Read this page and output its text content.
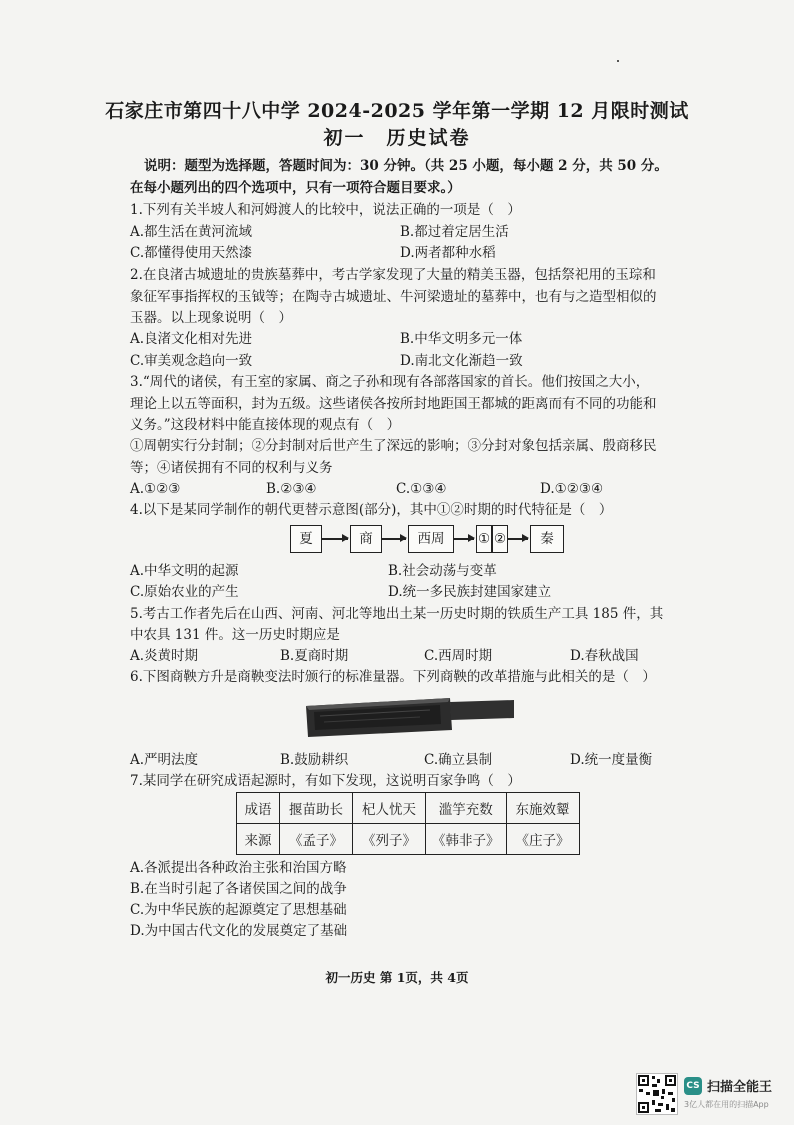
石家庄市第四十八中学 2024-2025 学年第一学期 12 月限时测试
初一　历史试卷
说明：题型为选择题，答题时间为：30 分钟。（共 25 小题，每小题 2 分，共 50 分。
在每小题列出的四个选项中，只有一项符合题目要求。）
1.下列有关半坡人和河姆渡人的比较中，说法正确的一项是（　）
A.都生活在黄河流域	B.都过着定居生活
C.都懂得使用天然漆	D.两者都种水稻
2.在良渚古城遗址的贵族墓葬中，考古学家发现了大量的精美玉器，包括祭祀用的玉琮和
象征军事指挥权的玉钺等；在陶寺古城遗址、牛河梁遗址的墓葬中，也有与之造型相似的
玉器。以上现象说明（　）
A.良渚文化相对先进	B.中华文明多元一体
C.审美观念趋向一致	D.南北文化渐趋一致
3.“周代的诸侯，有王室的家属、商之子孙和现有各部落国家的首长。他们按国之大小，
理论上以五等面积，封为五级。这些诸侯各按所封地距国王都城的距离而有不同的功能和
义务。”这段材料中能直接体现的观点有（　）
①周朝实行分封制；②分封制对后世产生了深远的影响；③分封对象包括亲属、殷商移民
等；④诸侯拥有不同的权利与义务
A.①②③	B.②③④	C.①③④	D.①②③④
4.以下是某同学制作的朝代更替示意图(部分)，其中①②时期的时代特征是（　）
夏	商	西周	① ②	秦
A.中华文明的起源	B.社会动荡与变革
C.原始农业的产生	D.统一多民族封建国家建立
5.考古工作者先后在山西、河南、河北等地出土某一历史时期的铁质生产工具 185 件，其
中农具 131 件。这一历史时期应是
A.炎黄时期	B.夏商时期	C.西周时期	D.春秋战国
6.下图商鞅方升是商鞅变法时颁行的标准量器。下列商鞅的改革措施与此相关的是（　）
A.严明法度	B.鼓励耕织	C.确立县制	D.统一度量衡
7.某同学在研究成语起源时，有如下发现，这说明百家争鸣（　）
成语	揠苗助长	杞人忧天	滥竽充数	东施效颦
来源	《孟子》	《列子》	《韩非子》	《庄子》
A.各派提出各种政治主张和治国方略
B.在当时引起了各诸侯国之间的战争
C.为中华民族的起源奠定了思想基础
D.为中国古代文化的发展奠定了基础
初一历史 第 1页，共 4页
CS 扫描全能王
3亿人都在用的扫描App
